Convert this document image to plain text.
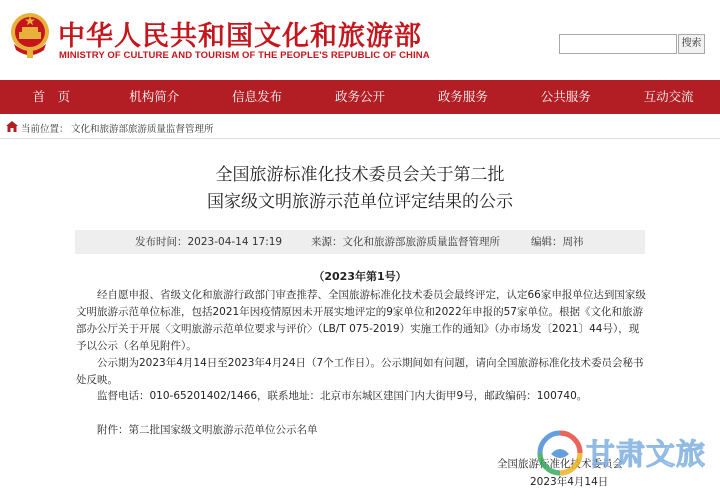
中华人民共和国文化和旅游部
MINISTRY OF CULTURE AND TOURISM OF THE PEOPLE'S REPUBLIC OF CHINA
搜索
首　页	机构简介	信息发布	政务公开	政务服务	公共服务	互动交流
当前位置： 文化和旅游部旅游质量监督管理所
全国旅游标准化技术委员会关于第二批
国家级文明旅游示范单位评定结果的公示
发布时间：2023-04-14 17:19	来源：文化和旅游部旅游质量监督管理所	编辑：周祎
（2023年第1号）

经自愿申报、省级文化和旅游行政部门审查推荐、全国旅游标准化技术委员会最终评定，认定66家申报单位达到国家级文明旅游示范单位标准，包括2021年因疫情原因未开展实地评定的9家单位和2022年申报的57家单位。根据《文化和旅游部办公厅关于开展〈文明旅游示范单位要求与评价〉（LB/T 075-2019）实施工作的通知》（办市场发〔2021〕44号），现予以公示（名单见附件）。

公示期为2023年4月14日至2023年4月24日（7个工作日）。公示期间如有问题，请向全国旅游标准化技术委员会秘书处反映。

监督电话：010-65201402/1466，联系地址：北京市东城区建国门内大街甲9号，邮政编码：100740。

附件：第二批国家级文明旅游示范单位公示名单

全国旅游标准化技术委员会
2023年4月14日
甘肃文旅
